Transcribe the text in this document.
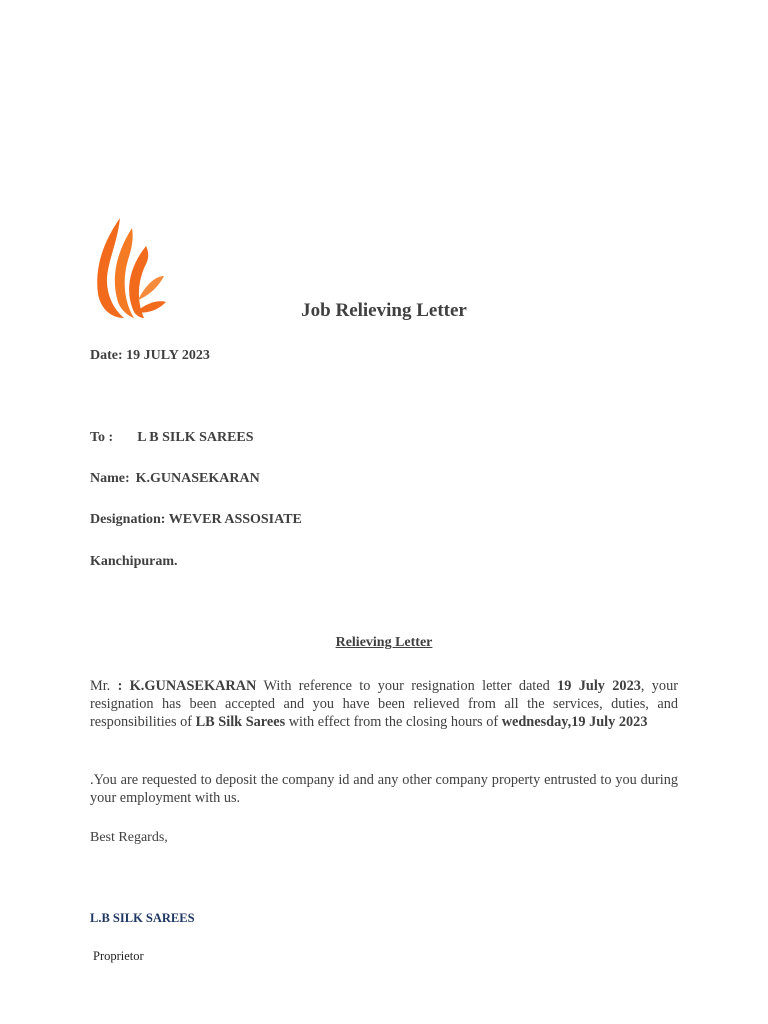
Job Relieving Letter
Date: 19 JULY 2023
To : L B SILK SAREES
Name: K.GUNASEKARAN
Designation: WEVER ASSOSIATE
Kanchipuram.
Relieving Letter
Mr. : K.GUNASEKARAN With reference to your resignation letter dated 19 July 2023, your resignation has been accepted and you have been relieved from all the services, duties, and responsibilities of LB Silk Sarees with effect from the closing hours of wednesday,19 July 2023
.You are requested to deposit the company id and any other company property entrusted to you during your employment with us.
Best Regards,
L.B SILK SAREES
Proprietor
